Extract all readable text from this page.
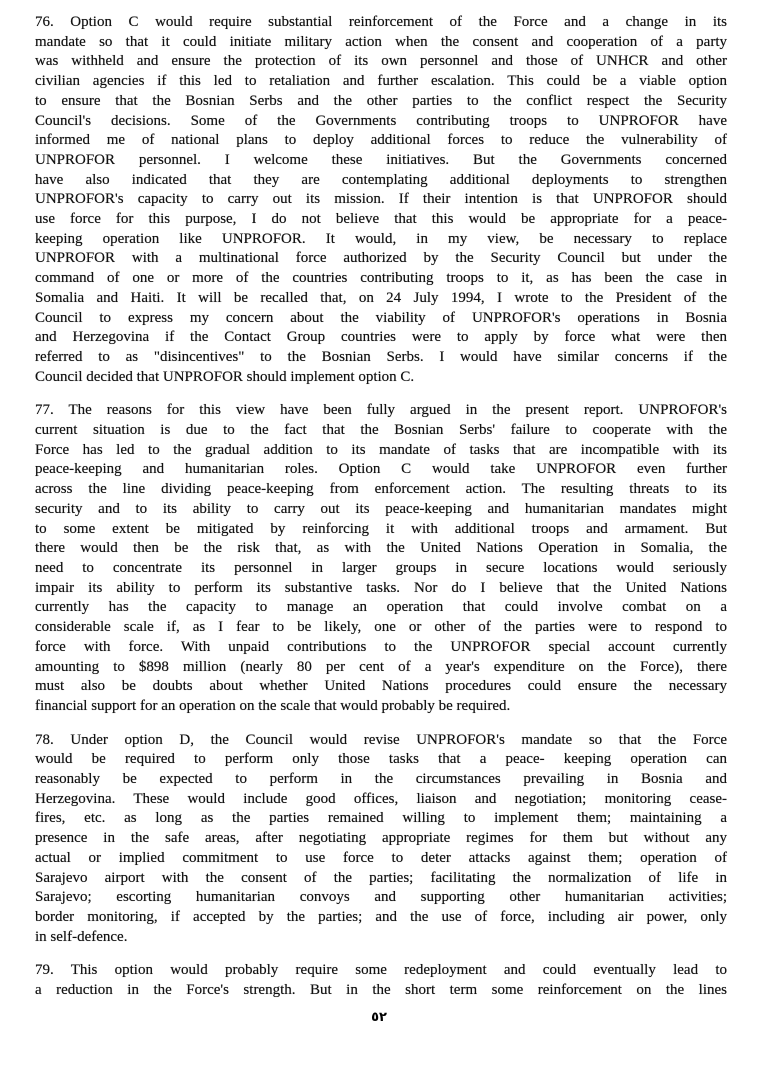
76. Option C would require substantial reinforcement of the Force and a change in its
mandate so that it could initiate military action when the consent and cooperation of a party
was withheld and ensure the protection of its own personnel and those of UNHCR and other
civilian agencies if this led to retaliation and further escalation. This could be a viable option
to ensure that the Bosnian Serbs and the other parties to the conflict respect the Security
Council's decisions. Some of the Governments contributing troops to UNPROFOR have
informed me of national plans to deploy additional forces to reduce the vulnerability of
UNPROFOR personnel. I welcome these initiatives. But the Governments concerned
have also indicated that they are contemplating additional deployments to strengthen
UNPROFOR's capacity to carry out its mission. If their intention is that UNPROFOR should
use force for this purpose, I do not believe that this would be appropriate for a peace-
keeping operation like UNPROFOR. It would, in my view, be necessary to replace
UNPROFOR with a multinational force authorized by the Security Council but under the
command of one or more of the countries contributing troops to it, as has been the case in
Somalia and Haiti. It will be recalled that, on 24 July 1994, I wrote to the President of the
Council to express my concern about the viability of UNPROFOR's operations in Bosnia
and Herzegovina if the Contact Group countries were to apply by force what were then
referred to as "disincentives" to the Bosnian Serbs. I would have similar concerns if the
Council decided that UNPROFOR should implement option C.
77. The reasons for this view have been fully argued in the present report. UNPROFOR's
current situation is due to the fact that the Bosnian Serbs' failure to cooperate with the
Force has led to the gradual addition to its mandate of tasks that are incompatible with its
peace-keeping and humanitarian roles. Option C would take UNPROFOR even further
across the line dividing peace-keeping from enforcement action. The resulting threats to its
security and to its ability to carry out its peace-keeping and humanitarian mandates might
to some extent be mitigated by reinforcing it with additional troops and armament. But
there would then be the risk that, as with the United Nations Operation in Somalia, the
need to concentrate its personnel in larger groups in secure locations would seriously
impair its ability to perform its substantive tasks. Nor do I believe that the United Nations
currently has the capacity to manage an operation that could involve combat on a
considerable scale if, as I fear to be likely, one or other of the parties were to respond to
force with force. With unpaid contributions to the UNPROFOR special account currently
amounting to $898 million (nearly 80 per cent of a year's expenditure on the Force), there
must also be doubts about whether United Nations procedures could ensure the necessary
financial support for an operation on the scale that would probably be required.
78. Under option D, the Council would revise UNPROFOR's mandate so that the Force
would be required to perform only those tasks that a peace- keeping operation can
reasonably be expected to perform in the circumstances prevailing in Bosnia and
Herzegovina. These would include good offices, liaison and negotiation; monitoring cease-
fires, etc. as long as the parties remained willing to implement them; maintaining a
presence in the safe areas, after negotiating appropriate regimes for them but without any
actual or implied commitment to use force to deter attacks against them; operation of
Sarajevo airport with the consent of the parties; facilitating the normalization of life in
Sarajevo; escorting humanitarian convoys and supporting other humanitarian activities;
border monitoring, if accepted by the parties; and the use of force, including air power, only
in self-defence.
79. This option would probably require some redeployment and could eventually lead to
a reduction in the Force's strength. But in the short term some reinforcement on the lines
٥٢
